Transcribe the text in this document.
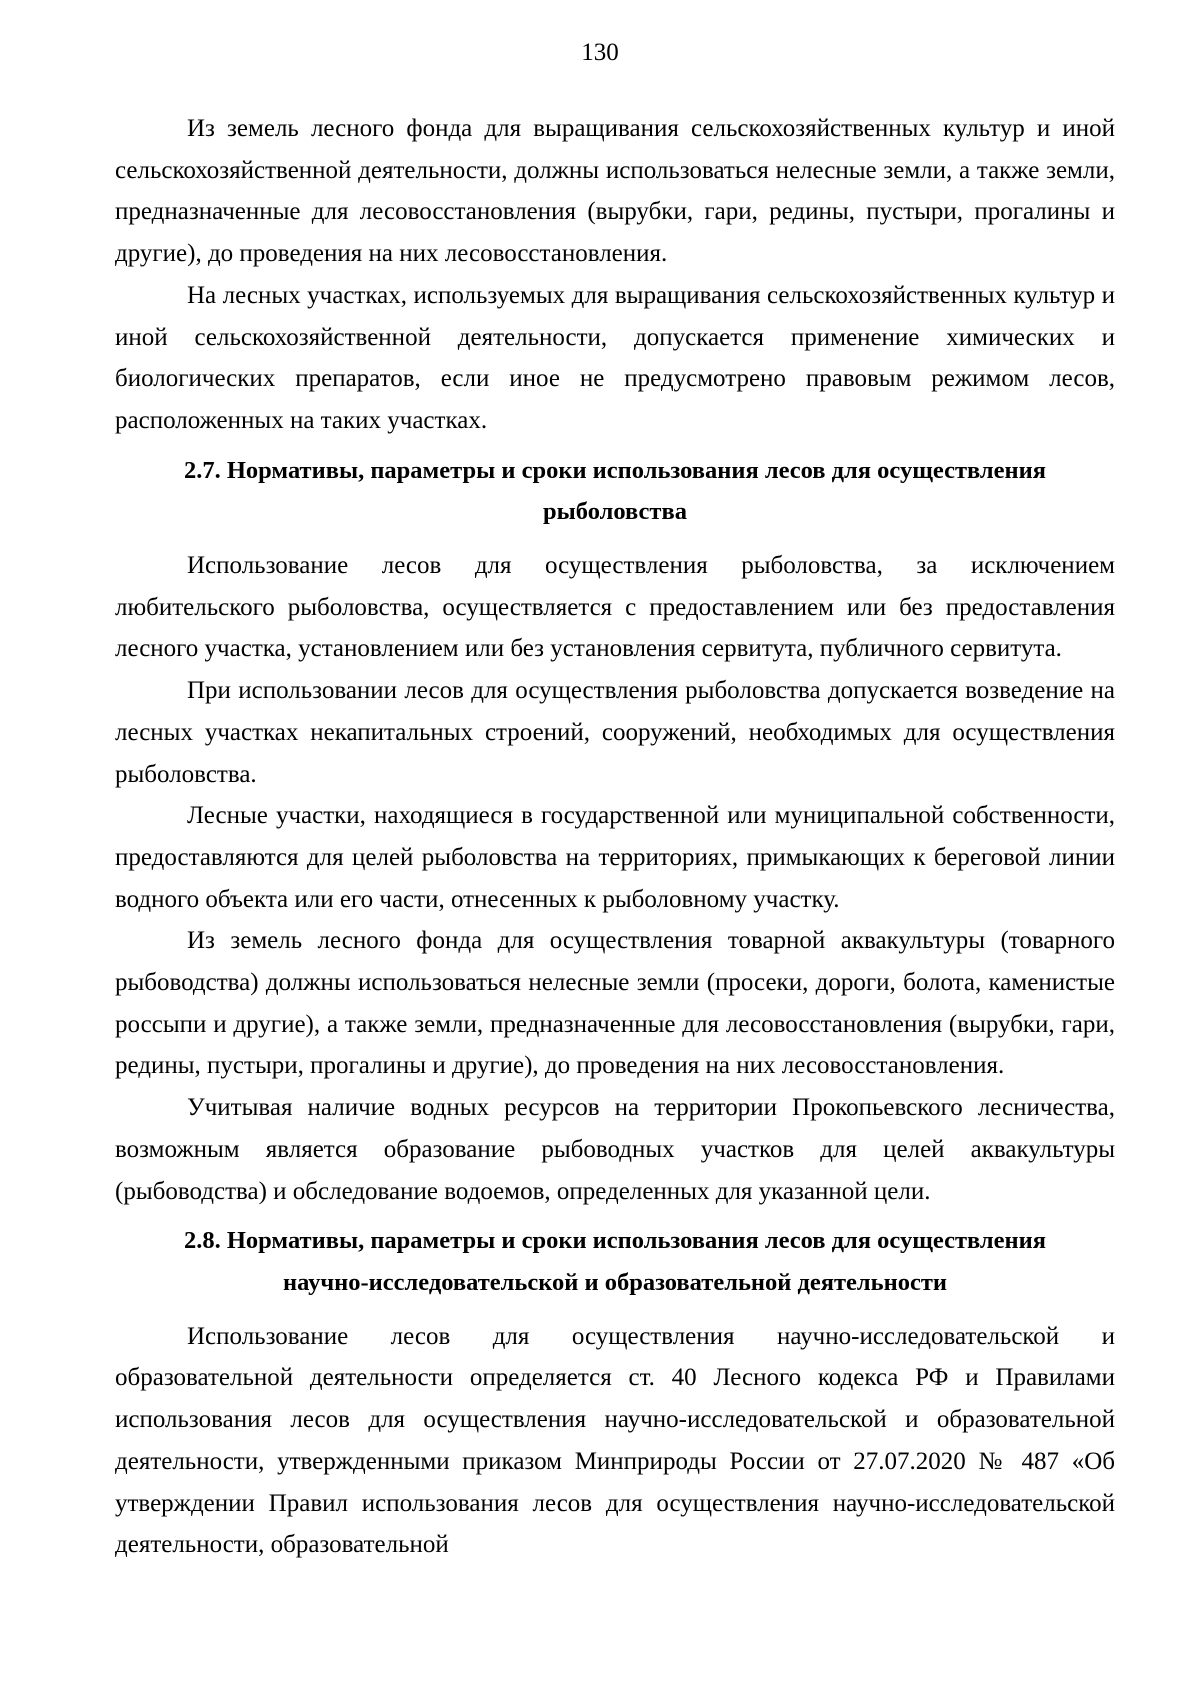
130

Из земель лесного фонда для выращивания сельскохозяйственных культур и иной сельскохозяйственной деятельности, должны использоваться нелесные земли, а также земли, предназначенные для лесовосстановления (вырубки, гари, редины, пустыри, прогалины и другие), до проведения на них лесовосстановления.

На лесных участках, используемых для выращивания сельскохозяйственных культур и иной сельскохозяйственной деятельности, допускается применение химических и биологических препаратов, если иное не предусмотрено правовым режимом лесов, расположенных на таких участках.

2.7. Нормативы, параметры и сроки использования лесов для осуществления
рыболовства

Использование лесов для осуществления рыболовства, за исключением любительского рыболовства, осуществляется с предоставлением или без предоставления лесного участка, установлением или без установления сервитута, публичного сервитута.

При использовании лесов для осуществления рыболовства допускается возведение на лесных участках некапитальных строений, сооружений, необходимых для осуществления рыболовства.

Лесные участки, находящиеся в государственной или муниципальной собственности, предоставляются для целей рыболовства на территориях, примыкающих к береговой линии водного объекта или его части, отнесенных к рыболовному участку.

Из земель лесного фонда для осуществления товарной аквакультуры (товарного рыбоводства) должны использоваться нелесные земли (просеки, дороги, болота, каменистые россыпи и другие), а также земли, предназначенные для лесовосстановления (вырубки, гари, редины, пустыри, прогалины и другие), до проведения на них лесовосстановления.

Учитывая наличие водных ресурсов на территории Прокопьевского лесничества, возможным является образование рыбоводных участков для целей аквакультуры (рыбоводства) и обследование водоемов, определенных для указанной цели.

2.8. Нормативы, параметры и сроки использования лесов для осуществления
научно-исследовательской и образовательной деятельности

Использование лесов для осуществления научно-исследовательской и образовательной деятельности определяется ст. 40 Лесного кодекса РФ и Правилами использования лесов для осуществления научно-исследовательской и образовательной деятельности, утвержденными приказом Минприроды России от 27.07.2020 № 487 «Об утверждении Правил использования лесов для осуществления научно-исследовательской деятельности, образовательной
